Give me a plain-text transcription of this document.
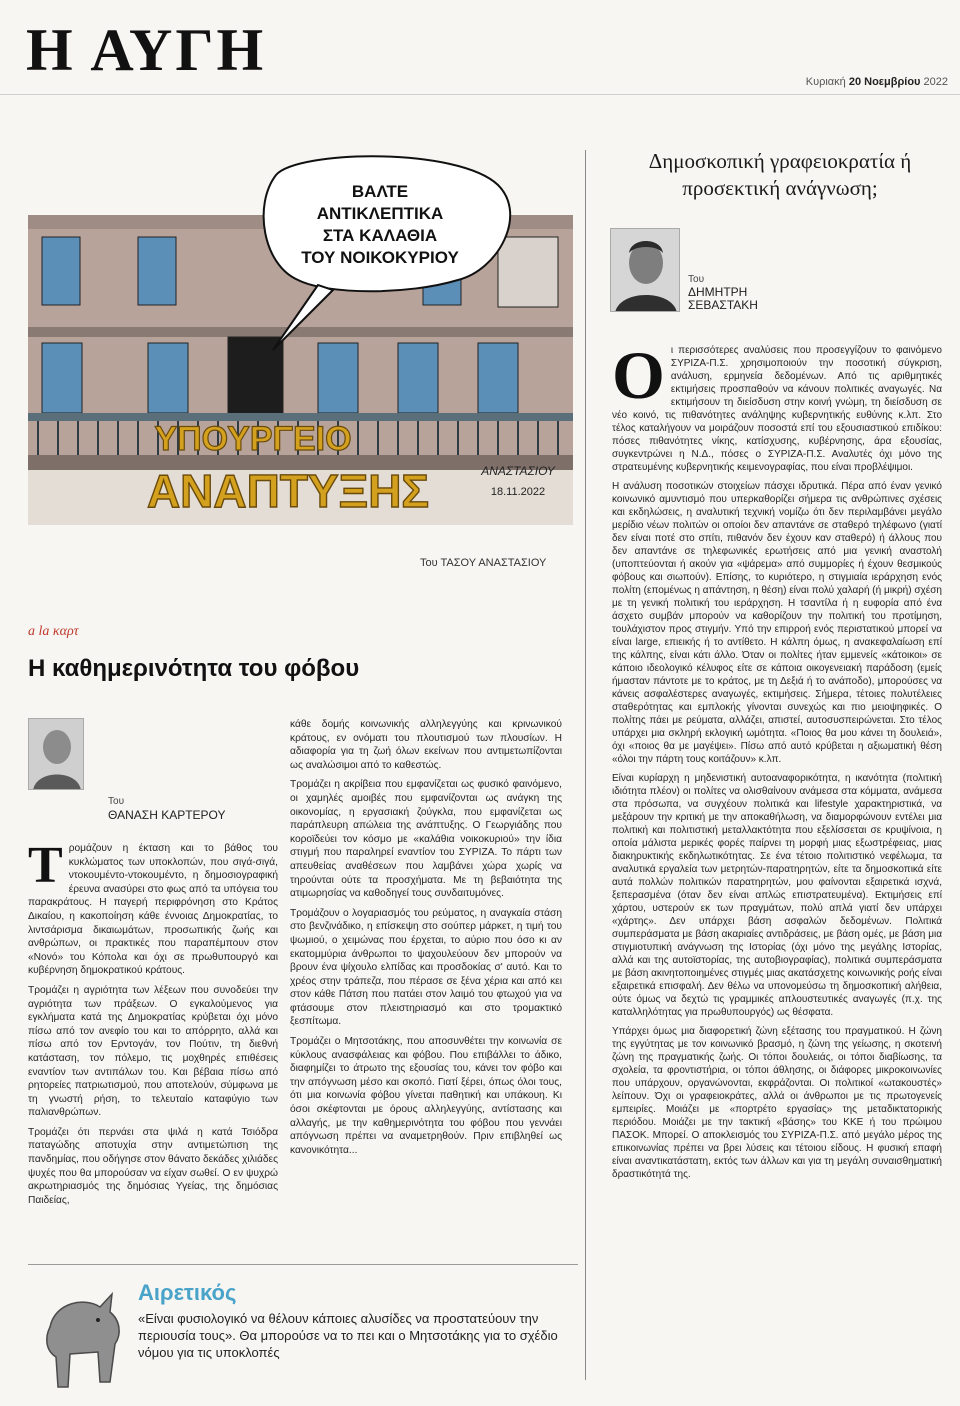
Η ΑΥΓΗ	Κυριακή 20 Νοεμβρίου 2022
ΒΑΛΤΕ
ΑΝΤΙΚΛΕΠΤΙΚΑ
ΣΤΑ ΚΑΛΑΘΙΑ
ΤΟΥ ΝΟΙΚΟΚΥΡΙΟΥ
ΥΠΟΥΡΓΕΙΟ
ΑΝΑΠΤΥΞΗΣ	ΑΝΑΣΤΑΣΙΟΥ
18.11.2022
Του ΤΑΣΟΥ ΑΝΑΣΤΑΣΙΟΥ
a la καρτ
Η καθημερινότητα του φόβου
Του
ΘΑΝΑΣΗ ΚΑΡΤΕΡΟΥ

Τρομάζουν η έκταση και το βάθος του κυκλώματος των υποκλοπών, που σιγά-σιγά, ντοκουμέντο-ντοκουμέντο, η δημοσιογραφική έρευνα ανασύρει στο φως από τα υπόγεια του παρακράτους. Η παγερή περιφρόνηση στο Κράτος Δικαίου, η κακοποίηση κάθε έννοιας Δημοκρατίας, το λιντσάρισμα δικαιωμάτων, προσωπικής ζωής και ανθρώπων, οι πρακτικές που παραπέμπουν στον «Νονό» του Κόπολα και όχι σε πρωθυπουργό και κυβέρνηση δημοκρατικού κράτους.

Τρομάζει η αγριότητα των λέξεων που συνοδεύει την αγριότητα των πράξεων. Ο εγκαλούμενος για εγκλήματα κατά της Δημοκρατίας κρύβεται όχι μόνο πίσω από τον ανεφίο του και το απόρρητο, αλλά και πίσω από τον Ερντογάν, τον Πούτιν, τη διεθνή κατάσταση, τον πόλεμο, τις μοχθηρές επιθέσεις εναντίον των αντιπάλων του. Και βέβαια πίσω από ρητορείες πατριωτισμού, που αποτελούν, σύμφωνα με τη γνωστή ρήση, το τελευταίο καταφύγιο των παλιανθρώπων.

Τρομάζει ότι περνάει στα ψιλά η κατά Τσιόδρα παταγώδης αποτυχία στην αντιμετώπιση της πανδημίας, που οδήγησε στον θάνατο δεκάδες χιλιάδες ψυχές που θα μπορούσαν να είχαν σωθεί. Ο εν ψυχρώ ακρωτηριασμός της δημόσιας Υγείας, της δημόσιας Παιδείας,

κάθε δομής κοινωνικής αλληλεγγύης και κρινωνικού κράτους, εν ονόματι του πλουτισμού των πλουσίων. Η αδιαφορία για τη ζωή όλων εκείνων που αντιμετωπίζονται ως αναλώσιμοι από το καθεστώς.

Τρομάζει η ακρίβεια που εμφανίζεται ως φυσικό φαινόμενο, οι χαμηλές αμοιβές που εμφανίζονται ως ανάγκη της οικονομίας, η εργασιακή ζούγκλα, που εμφανίζεται ως παράπλευρη απώλεια της ανάπτυξης. Ο Γεωργιάδης που κοροϊδεύει τον κόσμο με «καλάθια νοικοκυριού» την ίδια στιγμή που παραληρεί εναντίον του ΣΥΡΙΖΑ. Το πάρτι των απευθείας αναθέσεων που λαμβάνει χώρα χωρίς να τηρούνται ούτε τα προσχήματα. Με τη βεβαιότητα της ατιμωρησίας να καθοδηγεί τους συνδαιτυμόνες.

Τρομάζουν ο λογαριασμός του ρεύματος, η αναγκαία στάση στο βενζινάδικο, η επίσκεψη στο σούπερ μάρκετ, η τιμή του ψωμιού, ο χειμώνας που έρχεται, το αύριο που όσο κι αν εκατομμύρια άνθρωποι το ψαχουλεύουν δεν μπορούν να βρουν ένα ψίχουλο ελπίδας και προσδοκίας σ' αυτό. Και το χρέος στην τράπεζα, που πέρασε σε ξένα χέρια και από κει στον κάθε Πάτση που πατάει στον λαιμό του φτωχού για να φτάσουμε στον πλειστηριασμό και στο τρομακτικό ξεσπίτωμα.

Τρομάζει ο Μητσοτάκης, που αποσυνθέτει την κοινωνία σε κύκλους ανασφάλειας και φόβου. Που επιβάλλει το άδικο, διαφημίζει το άτρωτο της εξουσίας του, κάνει τον φόβο και την απόγνωση μέσο και σκοπό. Γιατί ξέρει, όπως όλοι τους, ότι μια κοινωνία φόβου γίνεται παθητική και υπάκουη. Κι όσοι σκέφτονται με όρους αλληλεγγύης, αντίστασης και αλλαγής, με την καθημερινότητα του φόβου που γεννάει απόγνωση πρέπει να αναμετρηθούν. Πριν επιβληθεί ως κανονικότητα...

Δημοσκοπική γραφειοκρατία ή προσεκτική ανάγνωση;
Του
ΔΗΜΗΤΡΗ
ΣΕΒΑΣΤΑΚΗ

Οι περισσότερες αναλύσεις που προσεγγίζουν το φαινόμενο ΣΥΡΙΖΑ-Π.Σ. χρησιμοποιούν την ποσοτική σύγκριση, ανάλυση, ερμηνεία δεδομένων. Από τις αριθμητικές εκτιμήσεις προσπαθούν να κάνουν πολιτικές αναγωγές. Να εκτιμήσουν τη διείσδυση στην κοινή γνώμη, τη διείσδυση σε νέο κοινό, τις πιθανότητες ανάληψης κυβερνητικής ευθύνης κ.λπ. Στο τέλος καταλήγουν να μοιράζουν ποσοστά επί του εξουσιαστικού επιδίκου: πόσες πιθανότητες νίκης, κατίσχυσης, κυβέρνησης, άρα εξουσίας, συγκεντρώνει η Ν.Δ., πόσες ο ΣΥΡΙΖΑ-Π.Σ. Αναλυτές όχι μόνο της στρατευμένης κυβερνητικής κειμενογραφίας, που είναι προβλέψιμοι.

Η ανάλυση ποσοτικών στοιχείων πάσχει ιδρυτικά. Πέρα από έναν γενικό κοινωνικό αμυντισμό που υπερκαθορίζει σήμερα τις ανθρώπινες σχέσεις και εκδηλώσεις, η αναλυτική τεχνική νομίζω ότι δεν περιλαμβάνει μεγάλο μερίδιο νέων πολιτών οι οποίοι δεν απαντάνε σε σταθερό τηλέφωνο (γιατί δεν είναι ποτέ στο σπίτι, πιθανόν δεν έχουν καν σταθερό) ή άλλους που δεν απαντάνε σε τηλεφωνικές ερωτήσεις από μια γενική αναστολή (υποπτεύονται ή ακούν για «ψάρεμα» από συμμορίες ή έχουν θεσμικούς φόβους και σιωπούν). Επίσης, το κυριότερο, η στιγμιαία ιεράρχηση ενός πολίτη (επομένως η απάντηση, η θέση) είναι πολύ χαλαρή (ή μικρή) σχέση με τη γενική πολιτική του ιεράρχηση. Η τσαντίλα ή η ευφορία από ένα άσχετο συμβάν μπορούν να καθορίζουν την πολιτική του προτίμηση, τουλάχιστον προς στιγμήν. Υπό την επιρροή ενός περιστατικού μπορεί να είναι large, επιεικής ή το αντίθετο. Η κάλπη όμως, η ανακεφαλαίωση επί της κάλπης, είναι κάτι άλλο. Όταν οι πολίτες ήταν εμμενείς «κάτοικοι» σε κάποιο ιδεολογικό κέλυφος είτε σε κάποια οικογενειακή παράδοση (εμείς ήμασταν πάντοτε με το κράτος, με τη Δεξιά ή το ανάποδο), μπορούσες να κάνεις ασφαλέστερες αναγωγές, εκτιμήσεις. Σήμερα, τέτοιες πολυτέλειες σταθερότητας και εμπλοκής γίνονται συνεχώς και πιο μειοψηφικές. Ο πολίτης πάει με ρεύματα, αλλάζει, απιστεί, αυτοσυσπειρώνεται. Στο τέλος υπάρχει μια σκληρή εκλογική ωμότητα. «Ποιος θα μου κάνει τη δουλειά», όχι «ποιος θα με μαγέψει». Πίσω από αυτό κρύβεται η αξιωματική θέση «όλοι την πάρτη τους κοιτάζουν» κ.λπ.

Είναι κυρίαρχη η μηδενιστική αυτοαναφορικότητα, η ικανότητα (πολιτική ιδιότητα πλέον) οι πολίτες να ολισθαίνουν ανάμεσα στα κόμματα, ανάμεσα στα πρόσωπα, να συγχέουν πολιτικά και lifestyle χαρακτηριστικά, να μεξάρουν την κριτική με την αποκαθήλωση, να διαμορφώνουν εντέλει μια πολιτική και πολιτιστική μεταλλακτότητα που εξελίσσεται σε κρυψίνοια, η οποία μάλιστα μερικές φορές παίρνει τη μορφή μιας εξωστρέφειας, μιας διακηρυκτικής εκδηλωτικότητας. Σε ένα τέτοιο πολιτιστικό νεφέλωμα, τα αναλυτικά εργαλεία των μετρητών-παρατηρητών, είτε τα δημοσκοπικά είτε αυτά πολλών πολιτικών παρατηρητών, μου φαίνονται εξαιρετικά ισχνά, ξεπερασμένα (όταν δεν είναι απλώς επιστρατευμένα). Εκτιμήσεις επί χάρτου, υστερούν εκ των πραγμάτων, πολύ απλά γιατί δεν υπάρχει «χάρτης». Δεν υπάρχει βάση ασφαλών δεδομένων. Πολιτικά συμπεράσματα με βάση ακαριαίες αντιδράσεις, με βάση ομές, με βάση μια στιγμιοτυπική ανάγνωση της Ιστορίας (όχι μόνο της μεγάλης Ιστορίας, αλλά και της αυτοϊστορίας, της αυτοβιογραφίας), πολιτικά συμπεράσματα με βάση ακινητοποιημένες στιγμές μιας ακατάσχετης κοινωνικής ροής είναι εξαιρετικά επισφαλή. Δεν θέλω να υπονομεύσω τη δημοσκοπική αλήθεια, ούτε όμως να δεχτώ τις γραμμικές απλουστευτικές αναγωγές (π.χ. της καταλληλότητας για πρωθυπουργός) ως θέσφατα.

Υπάρχει όμως μια διαφορετική ζώνη εξέτασης του πραγματικού. Η ζώνη της εγγύτητας με τον κοινωνικό βρασμό, η ζώνη της γείωσης, η σκοτεινή ζώνη της πραγματικής ζωής. Οι τόποι δουλειάς, οι τόποι διαβίωσης, τα σχολεία, τα φροντιστήρια, οι τόποι άθλησης, οι διάφορες μικροκοινωνίες που υπάρχουν, οργανώνονται, εκφράζονται. Οι πολιτικοί «ωτακουστές» λείπουν. Όχι οι γραφειοκράτες, αλλά οι άνθρωποι με τις πρωτογενείς εμπειρίες. Μοιάζει με «πορτρέτο εργασίας» της μεταδικτατορικής περιόδου. Μοιάζει με την τακτική «βάσης» του ΚΚΕ ή του πρώιμου ΠΑΣΟΚ. Μπορεί. Ο αποκλεισμός του ΣΥΡΙΖΑ-Π.Σ. από μεγάλο μέρος της επικοινωνίας πρέπει να βρει λύσεις και τέτοιου είδους. Η φυσική επαφή είναι αναντικατάστατη, εκτός των άλλων και για τη μεγάλη συναισθηματική δραστικότητά της.

Αιρετικός
«Είναι φυσιολογικό να θέλουν κάποιες αλυσίδες να προστατεύουν την περιουσία τους». Θα μπορούσε να το πει και ο Μητσοτάκης για το σχέδιο νόμου για τις υποκλοπές
